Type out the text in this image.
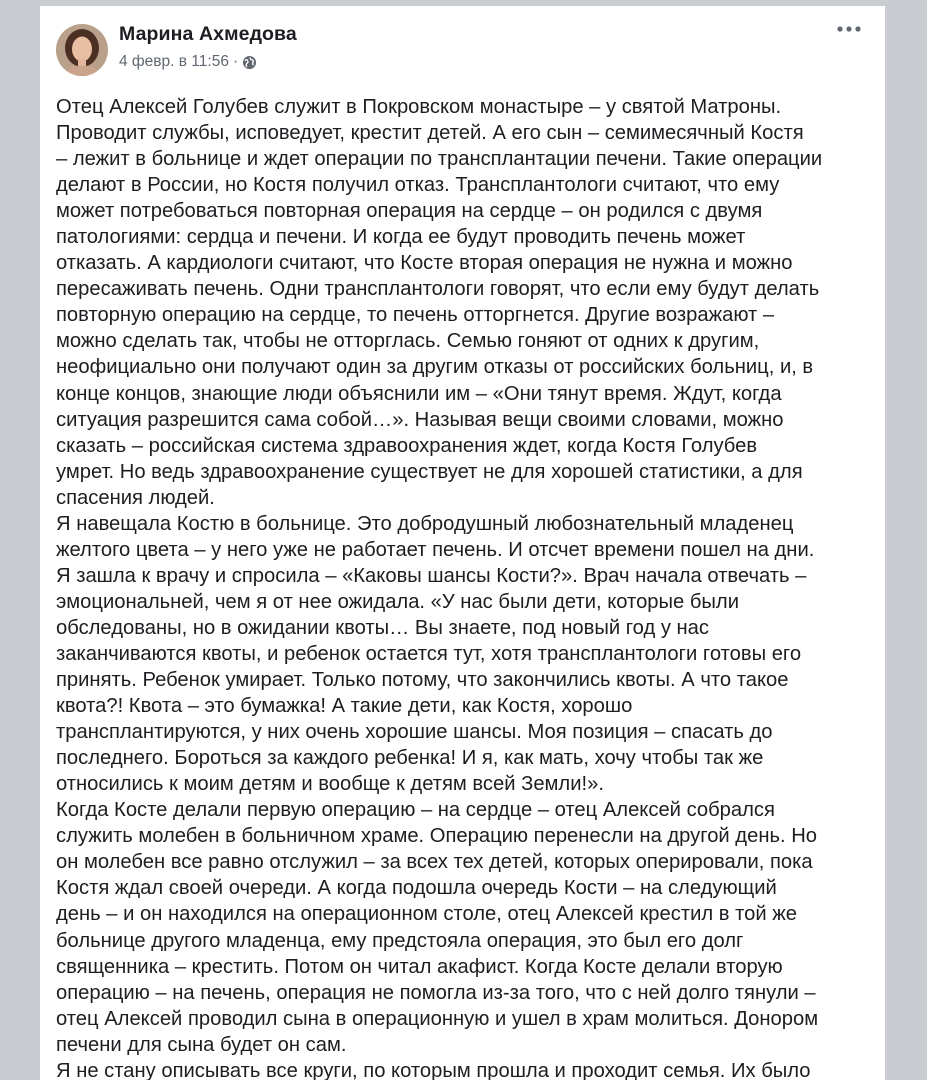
Марина Ахмедова
4 февр. в 11:56 ·
Отец Алексей Голубев служит в Покровском монастыре – у святой Матроны.
Проводит службы, исповедует, крестит детей. А его сын – семимесячный Костя
– лежит в больнице и ждет операции по трансплантации печени. Такие операции
делают в России, но Костя получил отказ. Трансплантологи считают, что ему
может потребоваться повторная операция на сердце – он родился с двумя
патологиями: сердца и печени. И когда ее будут проводить печень может
отказать. А кардиологи считают, что Косте вторая операция не нужна и можно
пересаживать печень. Одни трансплантологи говорят, что если ему будут делать
повторную операцию на сердце, то печень отторгнется. Другие возражают –
можно сделать так, чтобы не отторглась. Семью гоняют от одних к другим,
неофициально они получают один за другим отказы от российских больниц, и, в
конце концов, знающие люди объяснили им – «Они тянут время. Ждут, когда
ситуация разрешится сама собой…». Называя вещи своими словами, можно
сказать – российская система здравоохранения ждет, когда Костя Голубев
умрет. Но ведь здравоохранение существует не для хорошей статистики, а для
спасения людей.
Я навещала Костю в больнице. Это добродушный любознательный младенец
желтого цвета – у него уже не работает печень. И отсчет времени пошел на дни.
Я зашла к врачу и спросила – «Каковы шансы Кости?». Врач начала отвечать –
эмоциональней, чем я от нее ожидала. «У нас были дети, которые были
обследованы, но в ожидании квоты… Вы знаете, под новый год у нас
заканчиваются квоты, и ребенок остается тут, хотя трансплантологи готовы его
принять. Ребенок умирает. Только потому, что закончились квоты. А что такое
квота?! Квота – это бумажка! А такие дети, как Костя, хорошо
трансплантируются, у них очень хорошие шансы. Моя позиция – спасать до
последнего. Бороться за каждого ребенка! И я, как мать, хочу чтобы так же
относились к моим детям и вообще к детям всей Земли!».
Когда Косте делали первую операцию – на сердце – отец Алексей собрался
служить молебен в больничном храме. Операцию перенесли на другой день. Но
он молебен все равно отслужил – за всех тех детей, которых оперировали, пока
Костя ждал своей очереди. А когда подошла очередь Кости – на следующий
день – и он находился на операционном столе, отец Алексей крестил в той же
больнице другого младенца, ему предстояла операция, это был его долг
священника – крестить. Потом он читал акафист. Когда Косте делали вторую
операцию – на печень, операция не помогла из-за того, что с ней долго тянули –
отец Алексей проводил сына в операционную и ушел в храм молиться. Донором
печени для сына будет он сам.
Я не стану описывать все круги, по которым прошла и проходит семья. Их было
